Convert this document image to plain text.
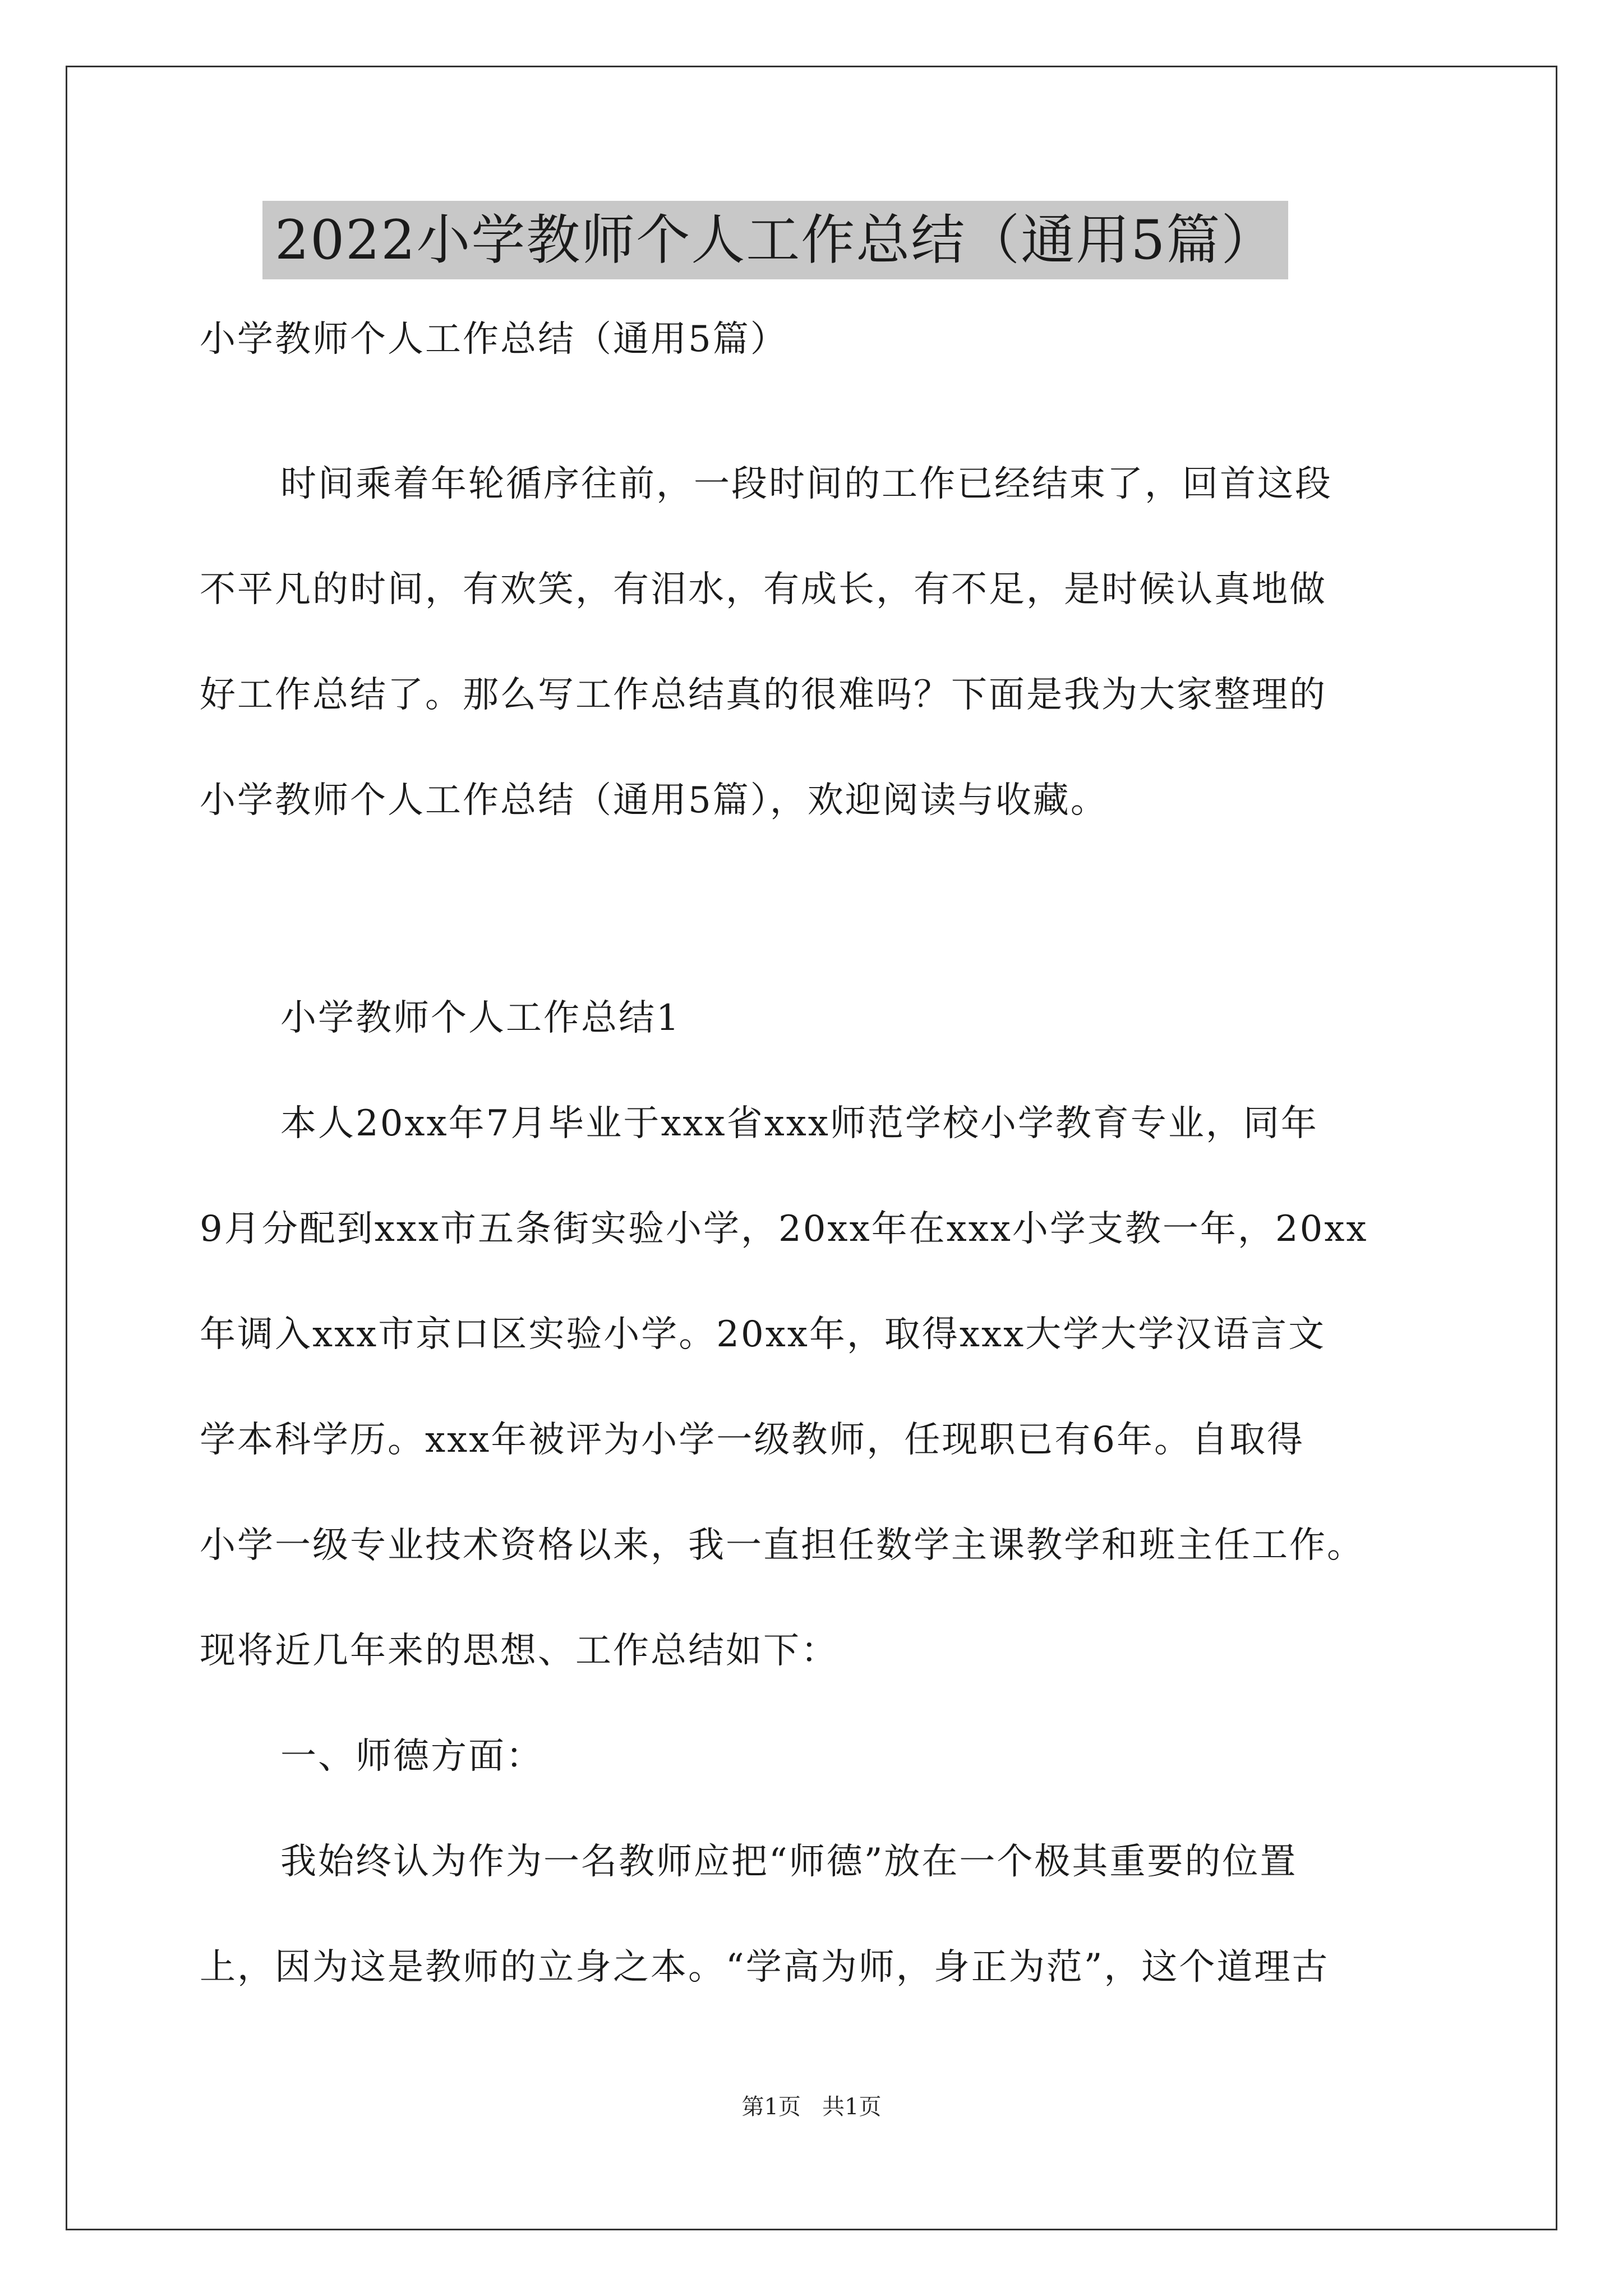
2022小学教师个人工作总结（通用5篇）
小学教师个人工作总结（通用5篇）
时间乘着年轮循序往前，一段时间的工作已经结束了，回首这段
不平凡的时间，有欢笑，有泪水，有成长，有不足，是时候认真地做
好工作总结了。那么写工作总结真的很难吗？下面是我为大家整理的
小学教师个人工作总结（通用5篇），欢迎阅读与收藏。
小学教师个人工作总结1
本人20xx年7月毕业于xxx省xxx师范学校小学教育专业，同年
9月分配到xxx市五条街实验小学，20xx年在xxx小学支教一年，20xx
年调入xxx市京口区实验小学。20xx年，取得xxx大学大学汉语言文
学本科学历。xxx年被评为小学一级教师，任现职已有6年。自取得
小学一级专业技术资格以来，我一直担任数学主课教学和班主任工作。
现将近几年来的思想、工作总结如下：
一、师德方面：
我始终认为作为一名教师应把“师德”放在一个极其重要的位置
上，因为这是教师的立身之本。“学高为师，身正为范”，这个道理古
第1页   共1页
